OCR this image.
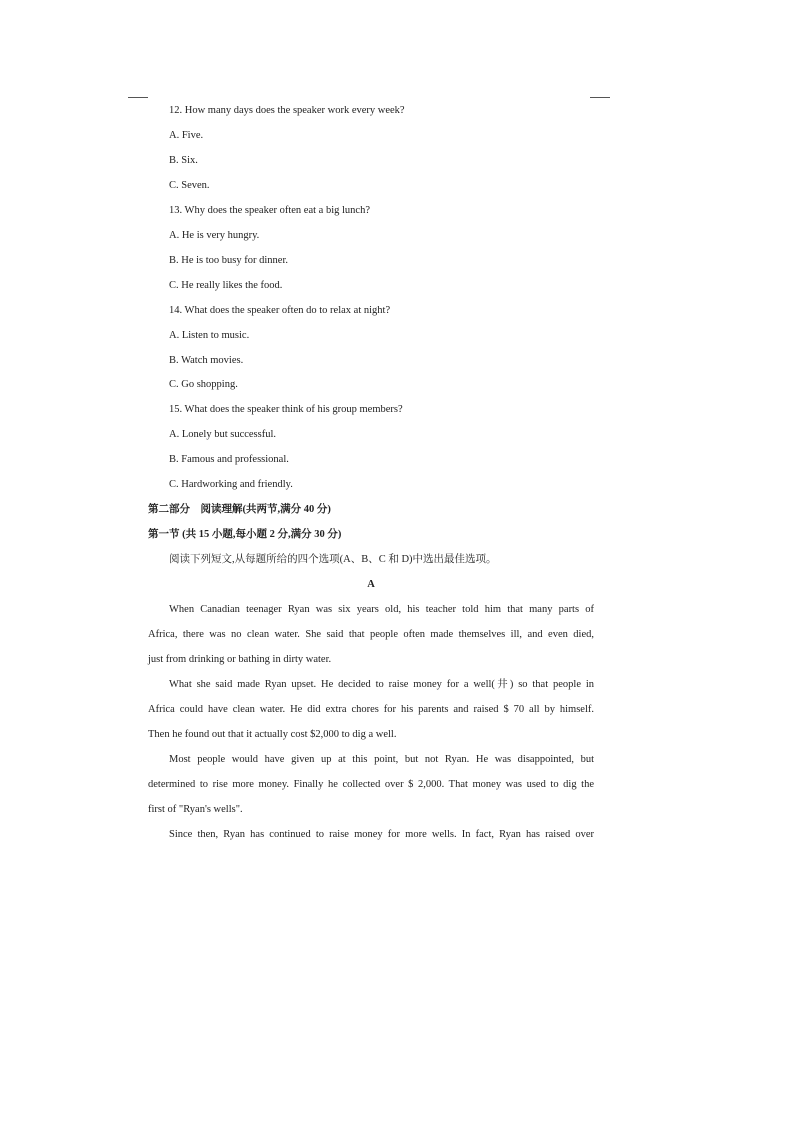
12. How many days does the speaker work every week?
A. Five.
B. Six.
C. Seven.
13. Why does the speaker often eat a big lunch?
A. He is very hungry.
B. He is too busy for dinner.
C. He really likes the food.
14. What does the speaker often do to relax at night?
A. Listen to music.
B. Watch movies.
C. Go shopping.
15. What does the speaker think of his group members?
A. Lonely but successful.
B. Famous and professional.
C. Hardworking and friendly.
第二部分　阅读理解(共两节,满分 40 分)
第一节 (共 15 小题,每小题 2 分,满分 30 分)
阅读下列短文,从每题所给的四个选项(A、B、C 和 D)中选出最佳选项。
A
When Canadian teenager Ryan was six years old, his teacher told him that many parts of
Africa, there was no clean water. She said that people often made themselves ill, and even died,
just from drinking or bathing in dirty water.
What she said made Ryan upset. He decided to raise money for a well(井) so that people in
Africa could have clean water. He did extra chores for his parents and raised $ 70 all by himself.
Then he found out that it actually cost $2,000 to dig a well.
Most people would have given up at this point, but not Ryan. He was disappointed, but
determined to rise more money. Finally he collected over $ 2,000. That money was used to dig the
first of "Ryan's wells".
Since then, Ryan has continued to raise money for more wells. In fact, Ryan has raised over
